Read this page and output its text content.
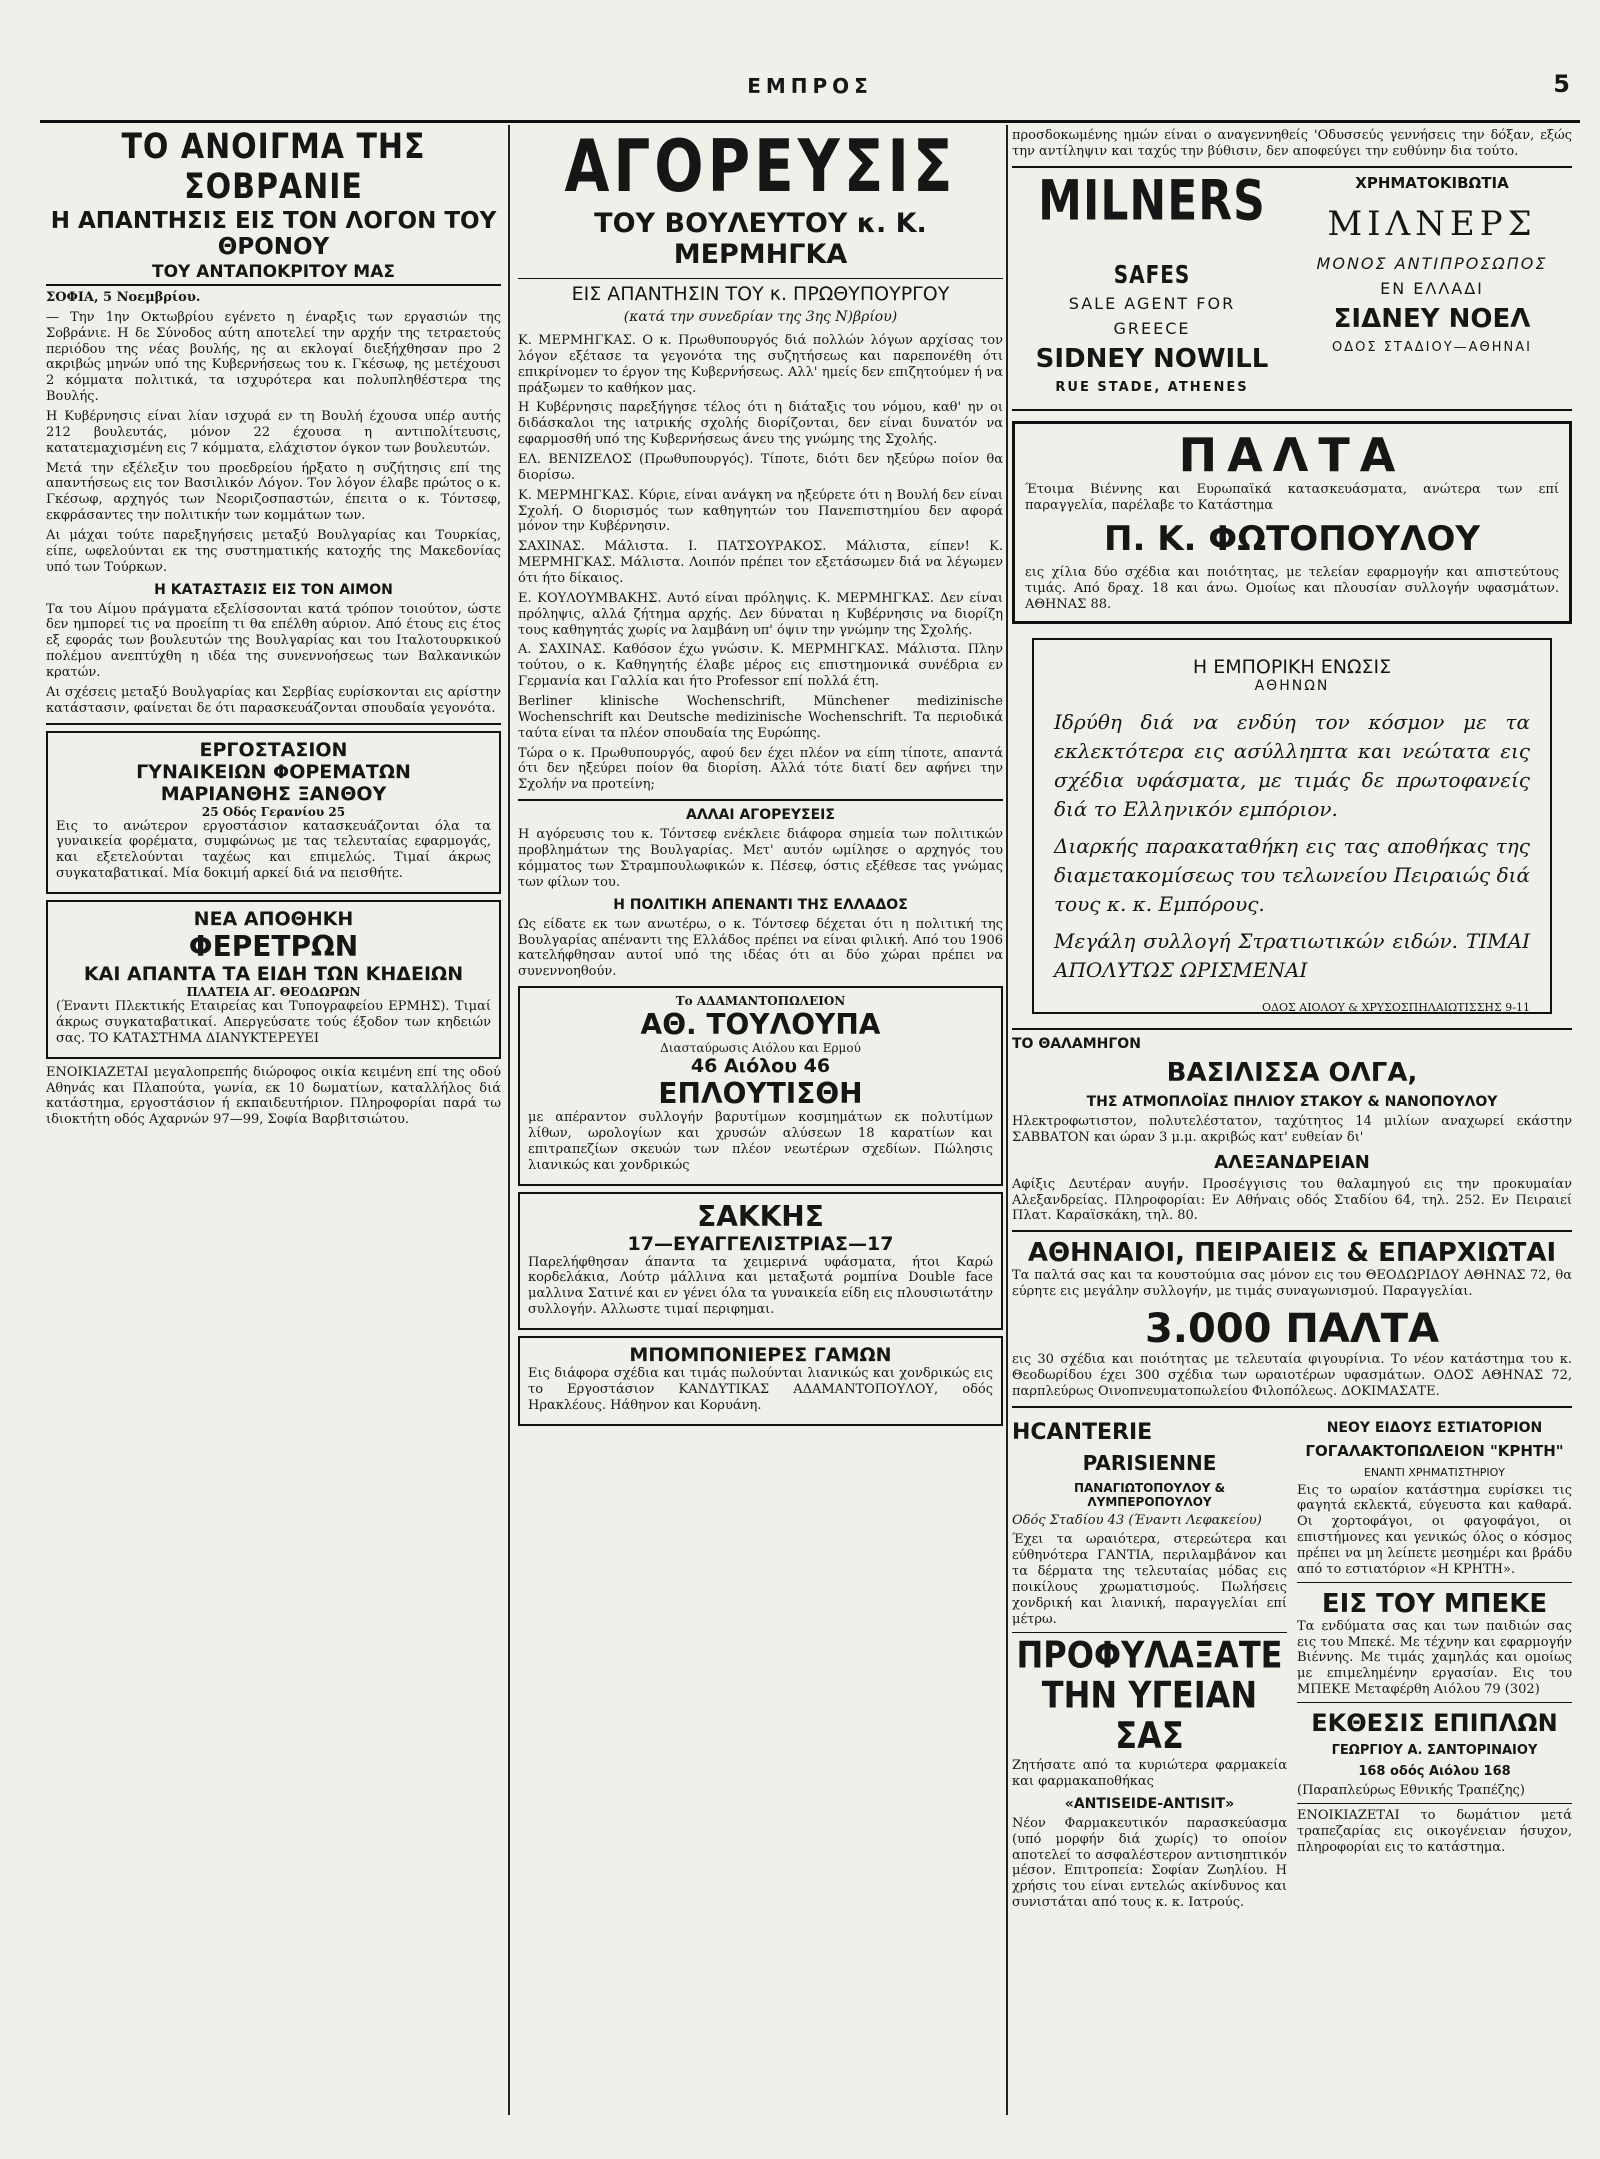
ΕΜΠΡΟΣ	5
ΤΟ ΑΝΟΙΓΜΑ ΤΗΣ ΣΟΒΡΑΝΙΕ
Η ΑΠΑΝΤΗΣΙΣ ΕΙΣ ΤΟΝ ΛΟΓΟΝ ΤΟΥ ΘΡΟΝΟΥ
ΤΟΥ ΑΝΤΑΠΟΚΡΙΤΟΥ ΜΑΣ

ΣΟΦΙΑ, 5 Νοεμβρίου.

— Την 1ην Οκτωβρίου εγένετο η έναρξις των εργασιών της Σοβράνιε. Η δε Σύνοδος αύτη αποτελεί την αρχήν της τετραετούς περιόδου της νέας βουλής, ης αι εκλογαί διεξήχθησαν προ 2 ακριβώς μηνών υπό της Κυβερνήσεως του κ. Γκέσωφ, ης μετέχουσι 2 κόμματα πολιτικά, τα ισχυρότερα και πολυπληθέστερα της Βουλής.

Η Κυβέρνησις είναι λίαν ισχυρά εν τη Βουλή έχουσα υπέρ αυτής 212 βουλευτάς, μόνον 22 έχουσα η αντιπολίτευσις, κατατεμαχισμένη εις 7 κόμματα, ελάχιστον όγκον των βουλευτών.

Μετά την εξέλεξιν του προεδρείου ήρξατο η συζήτησις επί της απαντήσεως εις τον Βασιλικόν Λόγον. Τον λόγον έλαβε πρώτος ο κ. Γκέσωφ, αρχηγός των Νεοριζοσπαστών, έπειτα ο κ. Τόντσεφ, εκφράσαντες την πολιτικήν των κομμάτων των.

Αι μάχαι τούτε παρεξηγήσεις μεταξύ Βουλγαρίας και Τουρκίας, είπε, ωφελούνται εκ της συστηματικής κατοχής της Μακεδονίας υπό των Τούρκων.

Η ΚΑΤΑΣΤΑΣΙΣ ΕΙΣ ΤΟΝ ΑΙΜΟΝ

Τα του Αίμου πράγματα εξελίσσονται κατά τρόπον τοιούτον, ώστε δεν ημπορεί τις να προείπη τι θα επέλθη αύριον. Από έτους εις έτος εξ εφοράς των βουλευτών της Βουλγαρίας και του Ιταλοτουρκικού πολέμου ανεπτύχθη η ιδέα της συνεννοήσεως των Βαλκανικών κρατών.

Αι σχέσεις μεταξύ Βουλγαρίας και Σερβίας ευρίσκονται εις αρίστην κατάστασιν, φαίνεται δε ότι παρασκευάζονται σπουδαία γεγονότα.

ΕΡΓΟΣΤΑΣΙΟΝ
ΓΥΝΑΙΚΕΙΩΝ ΦΟΡΕΜΑΤΩΝ
ΜΑΡΙΑΝΘΗΣ ΞΑΝΘΟΥ
25 Οδός Γερανίου 25

Εις το ανώτερον εργοστάσιον κατασκευάζονται όλα τα γυναικεία φορέματα, συμφώνως με τας τελευταίας εφαρμογάς, και εξετελούνται ταχέως και επιμελώς. Τιμαί άκρως συγκαταβατικαί. Μία δοκιμή αρκεί διά να πεισθήτε.

ΝΕΑ ΑΠΟΘΗΚΗ
ΦΕΡΕΤΡΩΝ
ΚΑΙ ΑΠΑΝΤΑ ΤΑ ΕΙΔΗ ΤΩΝ ΚΗΔΕΙΩΝ
ΠΛΑΤΕΙΑ ΑΓ. ΘΕΟΔΩΡΩΝ

(Έναντι Πλεκτικής Εταιρείας και Τυπογραφείου ΕΡΜΗΣ). Τιμαί άκρως συγκαταβατικαί. Απεργεύσατε τούς έξοδον των κηδειών σας. ΤΟ ΚΑΤΑΣΤΗΜΑ ΔΙΑΝΥΚΤΕΡΕΥΕΙ

ΕΝΟΙΚΙΑΖΕΤΑΙ μεγαλοπρεπής διώροφος οικία κειμένη επί της οδού Αθηνάς και Πλαπούτα, γωνία, εκ 10 δωματίων, καταλλήλος διά κατάστημα, εργοστάσιον ή εκπαιδευτήριον. Πληροφορίαι παρά τω ιδιοκτήτη οδός Αχαρνών 97—99, Σοφία Βαρβιτσιώτου.

ΑΓΟΡΕΥΣΙΣ
ΤΟΥ ΒΟΥΛΕΥΤΟΥ κ. Κ. ΜΕΡΜΗΓΚΑ
ΕΙΣ ΑΠΑΝΤΗΣΙΝ ΤΟΥ κ. ΠΡΩΘΥΠΟΥΡΓΟΥ
(κατά την συνεδρίαν της 3ης Ν)βρίου)

Κ. ΜΕΡΜΗΓΚΑΣ. Ο κ. Πρωθυπουργός διά πολλών λόγων αρχίσας τον λόγον εξέτασε τα γεγονότα της συζητήσεως και παρεπονέθη ότι επικρίνομεν το έργον της Κυβερνήσεως. Αλλ' ημείς δεν επιζητούμεν ή να πράξωμεν το καθήκον μας.

Η Κυβέρνησις παρεξήγησε τέλος ότι η διάταξις του νόμου, καθ' ην οι διδάσκαλοι της ιατρικής σχολής διορίζονται, δεν είναι δυνατόν να εφαρμοσθή υπό της Κυβερνήσεως άνευ της γνώμης της Σχολής.

ΕΛ. ΒΕΝΙΖΕΛΟΣ (Πρωθυπουργός). Τίποτε, διότι δεν ηξεύρω ποίον θα διορίσω.

Κ. ΜΕΡΜΗΓΚΑΣ. Κύριε, είναι ανάγκη να ηξεύρετε ότι η Βουλή δεν είναι Σχολή. Ο διορισμός των καθηγητών του Πανεπιστημίου δεν αφορά μόνον την Κυβέρνησιν.

ΣΑΧΙΝΑΣ. Μάλιστα. Ι. ΠΑΤΣΟΥΡΑΚΟΣ. Μάλιστα, είπεν! Κ. ΜΕΡΜΗΓΚΑΣ. Μάλιστα. Λοιπόν πρέπει τον εξετάσωμεν διά να λέγωμεν ότι ήτο δίκαιος.

Ε. ΚΟΥΛΟΥΜΒΑΚΗΣ. Αυτό είναι πρόληψις. Κ. ΜΕΡΜΗΓΚΑΣ. Δεν είναι πρόληψις, αλλά ζήτημα αρχής. Δεν δύναται η Κυβέρνησις να διορίζη τους καθηγητάς χωρίς να λαμβάνη υπ' όψιν την γνώμην της Σχολής.

Α. ΣΑΧΙΝΑΣ. Καθόσον έχω γνώσιν. Κ. ΜΕΡΜΗΓΚΑΣ. Μάλιστα. Πλην τούτου, ο κ. Καθηγητής έλαβε μέρος εις επιστημονικά συνέδρια εν Γερμανία και Γαλλία και ήτο Professor επί πολλά έτη.

Berliner klinische Wochenschrift, Münchener medizinische Wochenschrift και Deutsche medizinische Wochenschrift. Τα περιοδικά ταύτα είναι τα πλέον σπουδαία της Ευρώπης.

Τώρα ο κ. Πρωθυπουργός, αφού δεν έχει πλέον να είπη τίποτε, απαντά ότι δεν ηξεύρει ποίον θα διορίση. Αλλά τότε διατί δεν αφήνει την Σχολήν να προτείνη;

ΑΛΛΑΙ ΑΓΟΡΕΥΣΕΙΣ

Η αγόρευσις του κ. Τόντσεφ ενέκλειε διάφορα σημεία των πολιτικών προβλημάτων της Βουλγαρίας. Μετ' αυτόν ωμίλησε ο αρχηγός του κόμματος των Στραμπουλωφικών κ. Πέσεφ, όστις εξέθεσε τας γνώμας των φίλων του.

Η ΠΟΛΙΤΙΚΗ ΑΠΕΝΑΝΤΙ ΤΗΣ ΕΛΛΑΔΟΣ

Ως είδατε εκ των ανωτέρω, ο κ. Τόντσεφ δέχεται ότι η πολιτική της Βουλγαρίας απέναντι της Ελλάδος πρέπει να είναι φιλική. Από του 1906 κατελήφθησαν αυτοί υπό της ιδέας ότι αι δύο χώραι πρέπει να συνεννοηθούν.

Το ΑΔΑΜΑΝΤΟΠΩΛΕΙΟΝ
ΑΘ. ΤΟΥΛΟΥΠΑ
Διασταύρωσις Αιόλου και Ερμού
46 Αιόλου 46
ΕΠΛΟΥΤΙΣΘΗ

με απέραντον συλλογήν βαρυτίμων κοσμημάτων εκ πολυτίμων λίθων, ωρολογίων και χρυσών αλύσεων 18 καρατίων και επιτραπεζίων σκευών των πλέον νεωτέρων σχεδίων. Πώλησις λιανικώς και χονδρικώς

ΣΑΚΚΗΣ
17—ΕΥΑΓΓΕΛΙΣΤΡΙΑΣ—17

Παρελήφθησαν άπαντα τα χειμερινά υφάσματα, ήτοι Καρώ κορδελάκια, Λούτρ μάλλινα και μεταξωτά ρομπίνα Double face μαλλινα Σατινέ και εν γένει όλα τα γυναικεία είδη εις πλουσιωτάτην συλλογήν. Αλλωστε τιμαί περιφημαι.

ΜΠΟΜΠΟΝΙΕΡΕΣ ΓΑΜΩΝ

Εις διάφορα σχέδια και τιμάς πωλούνται λιανικώς και χονδρικώς εις το Εργοστάσιον ΚΑΝΔΥΤΙΚΑΣ ΑΔΑΜΑΝΤΟΠΟΥΛΟΥ, οδός Ηρακλέους. Ηάθηνον και Κορυάνη.

προσδοκωμένης ημών είναι ο αναγεννηθείς 'Οδυσσεύς γεννήσεις την δόξαν, εξώς την αντίληψιν και ταχύς την βύθισιν, δεν αποφεύγει την ευθύνην δια τούτο.

MILNERS SAFES
SALE AGENT FOR
GREECE
SIDNEY NOWILL
RUE STADE, ATHENES
ΧΡΗΜΑΤΟΚΙΒΩΤΙΑ
ΜΙΛΝΕΡΣ
ΜΟΝΟΣ ΑΝΤΙΠΡΟΣΩΠΟΣ
ΕΝ ΕΛΛΑΔΙ
ΣΙΔΝΕΥ ΝΟΕΛ
ΟΔΟΣ ΣΤΑΔΙΟΥ—ΑΘΗΝΑΙ
ΠΑΛΤΑ

Έτοιμα Βιέννης και Ευρωπαϊκά κατασκευάσματα, ανώτερα των επί παραγγελία, παρέλαβε το Κατάστημα

Π. Κ. ΦΩΤΟΠΟΥΛΟΥ

εις χίλια δύο σχέδια και ποιότητας, με τελείαν εφαρμογήν και απιστεύτους τιμάς. Από δραχ. 18 και άνω. Ομοίως και πλουσίαν συλλογήν υφασμάτων. ΑΘΗΝΑΣ 88.

Η ΕΜΠΟΡΙΚΗ ΕΝΩΣΙΣ
ΑΘΗΝΩΝ

Ιδρύθη διά να ενδύη τον κόσμον με τα εκλεκτότερα εις ασύλληπτα και νεώτατα εις σχέδια υφάσματα, με τιμάς δε πρωτοφανείς διά το Ελληνικόν εμπόριον.

Διαρκής παρακαταθήκη εις τας αποθήκας της διαμετακομίσεως του τελωνείου Πειραιώς διά τους κ. κ. Εμπόρους.

Μεγάλη συλλογή Στρατιωτικών ειδών. ΤΙΜΑΙ ΑΠΟΛΥΤΩΣ ΩΡΙΣΜΕΝΑΙ

ΟΔΟΣ ΑΙΟΛΟΥ & ΧΡΥΣΟΣΠΗΛΑΙΩΤΙΣΣΗΣ 9-11
ΤΟ ΘΑΛΑΜΗΓΟΝ
ΒΑΣΙΛΙΣΣΑ ΟΛΓΑ,
ΤΗΣ ΑΤΜΟΠΛΟΪΑΣ ΠΗΛΙΟΥ ΣΤΑΚΟΥ & ΝΑΝΟΠΟΥΛΟΥ

Ηλεκτροφωτιστον, πολυτελέστατον, ταχύτητος 14 μιλίων αναχωρεί εκάστην ΣΑΒΒΑΤΟΝ και ώραν 3 μ.μ. ακριβώς κατ' ευθείαν δι'

ΑΛΕΞΑΝΔΡΕΙΑΝ

Αφίξις Δευτέραν αυγήν. Προσέγγισις του θαλαμηγού εις την προκυμαίαν Αλεξανδρείας. Πληροφορίαι: Εν Αθήναις οδός Σταδίου 64, τηλ. 252. Εν Πειραιεί Πλατ. Καραϊσκάκη, τηλ. 80.

ΑΘΗΝΑΙΟΙ, ΠΕΙΡΑΙΕΙΣ & ΕΠΑΡΧΙΩΤΑΙ

Τα παλτά σας και τα κουστούμια σας μόνον εις του ΘΕΟΔΩΡΙΔΟΥ ΑΘΗΝΑΣ 72, θα εύρητε εις μεγάλην συλλογήν, με τιμάς συναγωνισμού. Παραγγελίαι.

3.000 ΠΑΛΤΑ

εις 30 σχέδια και ποιότητας με τελευταία φιγουρίνια. Το νέον κατάστημα του κ. Θεοδωρίδου έχει 300 σχέδια των ωραιοτέρων υφασμάτων. ΟΔΟΣ ΑΘΗΝΑΣ 72, παρπλεύρως Οινοπνευματοπωλείου Φιλοπόλεως. ΔΟΚΙΜΑΣΑΤΕ.

ΗCANTERIE
PARISIENNE
ΠΑΝΑΓΙΩΤΟΠΟΥΛΟΥ & ΛΥΜΠΕΡΟΠΟΥΛΟΥ

Οδός Σταδίου 43 (Έναντι Λεφακείου)

Έχει τα ωραιότερα, στερεώτερα και εύθηνότερα ΓΑΝΤΙΑ, περιλαμβάνον και τα δέρματα της τελευταίας μόδας εις ποικίλους χρωματισμούς. Πωλήσεις χονδρική και λιανική, παραγγελίαι επί μέτρω.

ΠΡΟΦΥΛΑΞΑΤΕ ΤΗΝ ΥΓΕΙΑΝ ΣΑΣ

Ζητήσατε από τα κυριώτερα φαρμακεία και φαρμακαποθήκας

«ANTISEIDE-ANTISIT»

Νέον Φαρμακευτικόν παρασκεύασμα (υπό μορφήν διά χωρίς) το οποίον αποτελεί το ασφαλέστερον αντισηπτικόν μέσον. Επιτροπεία: Σοφίαν Ζωηλίου. Η χρήσις του είναι εντελώς ακίνδυνος και συνιστάται από τους κ. κ. Ιατρούς.

ΝΕΟΥ ΕΙΔΟΥΣ ΕΣΤΙΑΤΟΡΙΟΝ
ΓΟΓΑΛΑΚΤΟΠΩΛΕΙΟΝ "ΚΡΗΤΗ"
ΕΝΑΝΤΙ ΧΡΗΜΑΤΙΣΤΗΡΙΟΥ

Εις το ωραίον κατάστημα ευρίσκει τις φαγητά εκλεκτά, εύγευστα και καθαρά. Οι χορτοφάγοι, οι φαγοφάγοι, οι επιστήμονες και γενικώς όλος ο κόσμος πρέπει να μη λείπετε μεσημέρι και βράδυ από το εστιατόριον «Η ΚΡΗΤΗ».

ΕΙΣ ΤΟΥ ΜΠΕΚΕ

Τα ενδύματα σας και των παιδιών σας εις του Μπεκέ. Με τέχνην και εφαρμογήν Βιέννης. Με τιμάς χαμηλάς και ομοίως με επιμελημένην εργασίαν. Εις του ΜΠΕΚΕ Μεταφέρθη Αιόλου 79 (302)

ΕΚΘΕΣΙΣ ΕΠΙΠΛΩΝ
ΓΕΩΡΓΙΟΥ Α. ΣΑΝΤΟΡΙΝΑΙΟΥ
168 οδός Αιόλου 168

(Παραπλεύρως Εθνικής Τραπέζης)

ΕΝΟΙΚΙΑΖΕΤΑΙ το δωμάτιον μετά τραπεζαρίας εις οικογένειαν ήσυχον, πληροφορίαι εις το κατάστημα.
